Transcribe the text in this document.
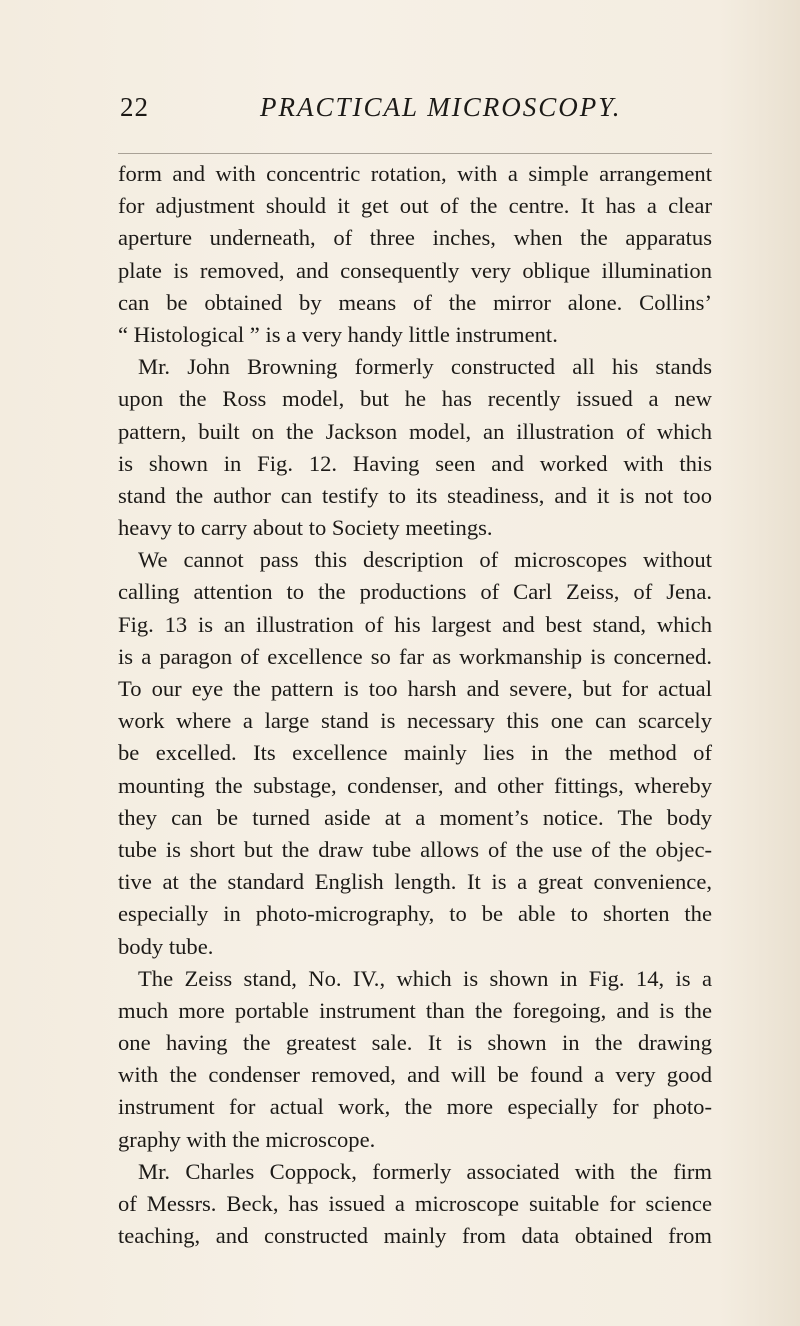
22	PRACTICAL MICROSCOPY.
form and with concentric rotation, with a simple arrangement
for adjustment should it get out of the centre. It has a clear
aperture underneath, of three inches, when the apparatus
plate is removed, and consequently very oblique illumination
can be obtained by means of the mirror alone. Collins’
“ Histological ” is a very handy little instrument.
Mr. John Browning formerly constructed all his stands
upon the Ross model, but he has recently issued a new
pattern, built on the Jackson model, an illustration of which
is shown in Fig. 12. Having seen and worked with this
stand the author can testify to its steadiness, and it is not too
heavy to carry about to Society meetings.
We cannot pass this description of microscopes without
calling attention to the productions of Carl Zeiss, of Jena.
Fig. 13 is an illustration of his largest and best stand, which
is a paragon of excellence so far as workmanship is concerned.
To our eye the pattern is too harsh and severe, but for actual
work where a large stand is necessary this one can scarcely
be excelled. Its excellence mainly lies in the method of
mounting the substage, condenser, and other fittings, whereby
they can be turned aside at a moment’s notice. The body
tube is short but the draw tube allows of the use of the objec-
tive at the standard English length. It is a great convenience,
especially in photo-micrography, to be able to shorten the
body tube.
The Zeiss stand, No. IV., which is shown in Fig. 14, is a
much more portable instrument than the foregoing, and is the
one having the greatest sale. It is shown in the drawing
with the condenser removed, and will be found a very good
instrument for actual work, the more especially for photo-
graphy with the microscope.
Mr. Charles Coppock, formerly associated with the firm
of Messrs. Beck, has issued a microscope suitable for science
teaching, and constructed mainly from data obtained from
